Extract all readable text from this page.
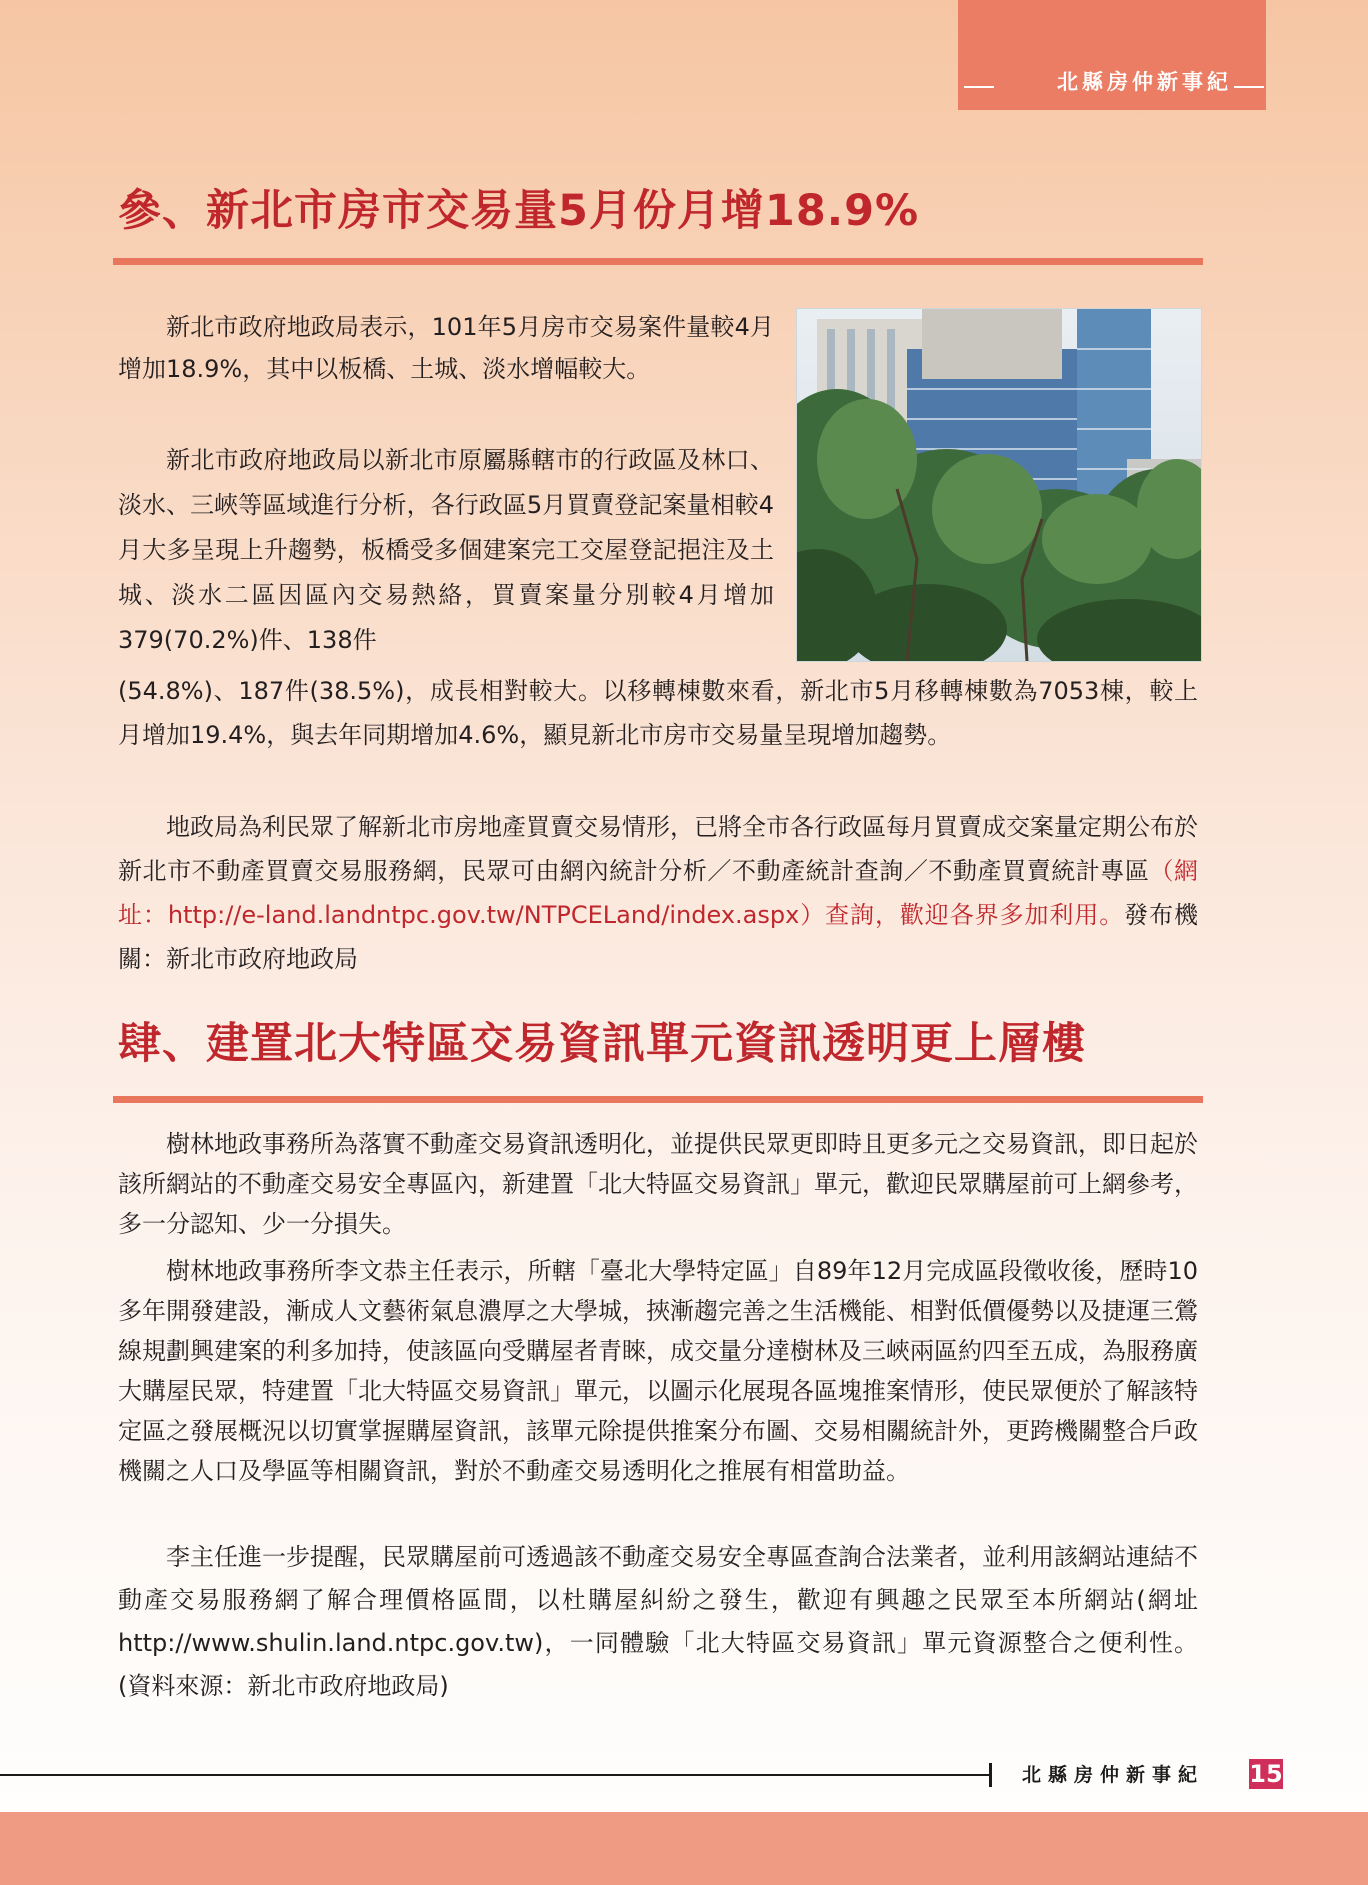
北縣房仲新事紀
參、新北市房市交易量5月份月增18.9%

新北市政府地政局表示，101年5月房市交易案件量較4月增加18.9%，其中以板橋、土城、淡水增幅較大。

新北市政府地政局以新北市原屬縣轄市的行政區及林口、淡水、三峽等區域進行分析，各行政區5月買賣登記案量相較4月大多呈現上升趨勢，板橋受多個建案完工交屋登記挹注及土城、淡水二區因區內交易熱絡，買賣案量分別較4月增加379(70.2%)件、138件

(54.8%)、187件(38.5%)，成長相對較大。以移轉棟數來看，新北市5月移轉棟數為7053棟，較上月增加19.4%，與去年同期增加4.6%，顯見新北市房市交易量呈現增加趨勢。

地政局為利民眾了解新北市房地產買賣交易情形，已將全市各行政區每月買賣成交案量定期公布於新北市不動產買賣交易服務網，民眾可由網內統計分析／不動產統計查詢／不動產買賣統計專區（網址：http://e-land.landntpc.gov.tw/NTPCELand/index.aspx）查詢，歡迎各界多加利用。發布機關：新北市政府地政局

肆、建置北大特區交易資訊單元資訊透明更上層樓

樹林地政事務所為落實不動產交易資訊透明化，並提供民眾更即時且更多元之交易資訊，即日起於該所網站的不動產交易安全專區內，新建置「北大特區交易資訊」單元，歡迎民眾購屋前可上網參考，多一分認知、少一分損失。

樹林地政事務所李文恭主任表示，所轄「臺北大學特定區」自89年12月完成區段徵收後，歷時10多年開發建設，漸成人文藝術氣息濃厚之大學城，挾漸趨完善之生活機能、相對低價優勢以及捷運三鶯線規劃興建案的利多加持，使該區向受購屋者青睞，成交量分達樹林及三峽兩區約四至五成，為服務廣大購屋民眾，特建置「北大特區交易資訊」單元，以圖示化展現各區塊推案情形，使民眾便於了解該特定區之發展概況以切實掌握購屋資訊，該單元除提供推案分布圖、交易相關統計外，更跨機關整合戶政機關之人口及學區等相關資訊，對於不動產交易透明化之推展有相當助益。

李主任進一步提醒，民眾購屋前可透過該不動產交易安全專區查詢合法業者，並利用該網站連結不動產交易服務網了解合理價格區間，以杜購屋糾紛之發生，歡迎有興趣之民眾至本所網站(網址http://www.shulin.land.ntpc.gov.tw)，一同體驗「北大特區交易資訊」單元資源整合之便利性。 (資料來源：新北市政府地政局)

北縣房仲新事紀 15
